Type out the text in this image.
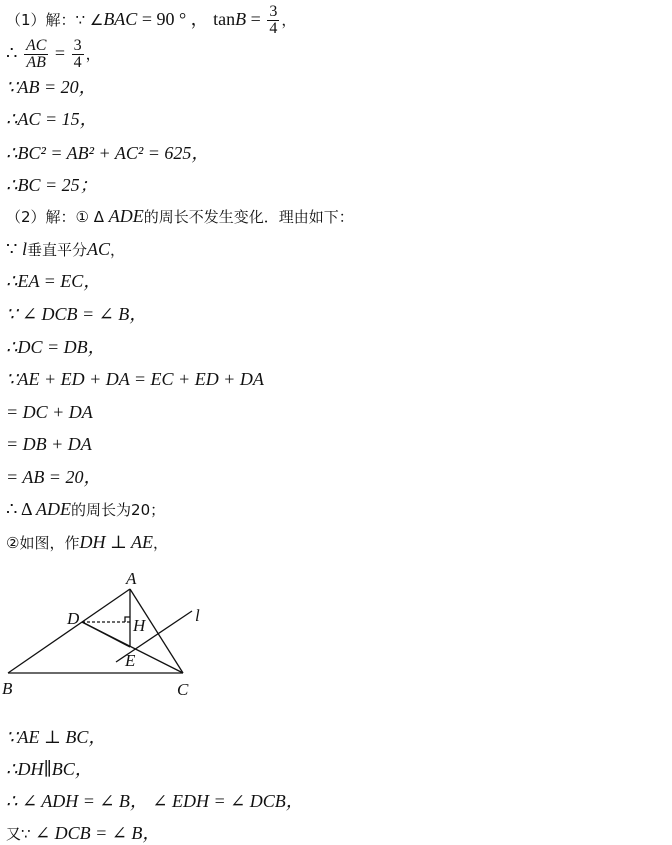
（1）解：∵ ∠BAC = 90 ° ， $\tan B = \frac{3}{4}$ ，
∴ $\frac{AC}{AB} = \frac{3}{4}$ ，
∵AB = 20，
∴AC = 15，
∴BC² = AB² + AC² = 625，
∴BC = 25；
（2）解：① Δ ADE的周长不发生变化．理由如下：
∵ l垂直平分AC，
∴EA = EC，
∵ ∠ DCB = ∠ B，
∴DC = DB，
∵AE + ED + DA = EC + ED + DA
= DC + DA
= DB + DA
= AB = 20，
∴ Δ ADE的周长为20；
②如图，作DH ⊥ AE，
A
B	C
D
E
H
l
∵AE ⊥ BC，
∴DH∥BC，
∴ ∠ ADH = ∠ B， ∠ EDH = ∠ DCB，
又∵ ∠ DCB = ∠ B，
